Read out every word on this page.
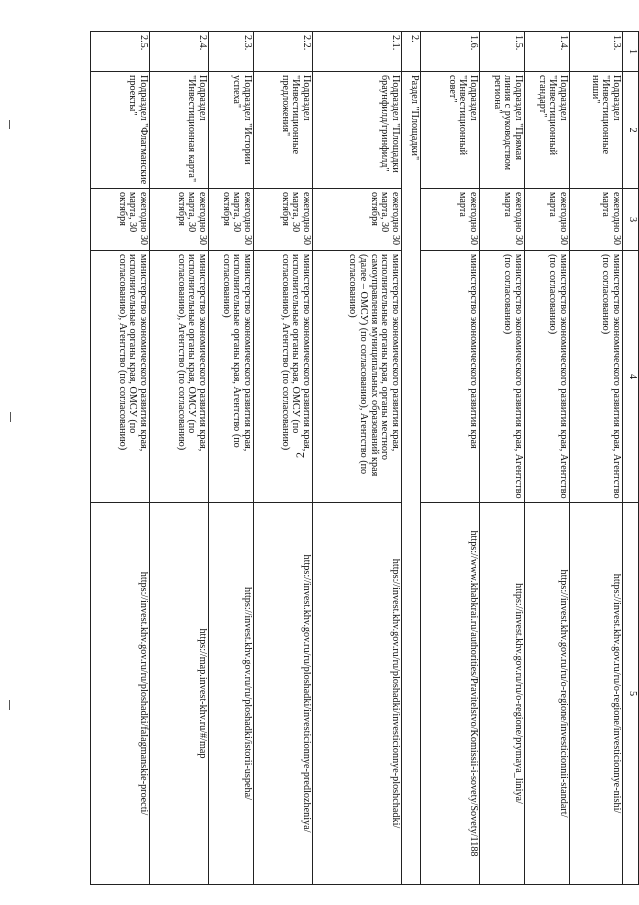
2
1	2	3	4	5
1.3.	Подраздел "Инвестиционные ниши"	ежегодно 30 марта	министерство экономического развития края, Агентство (по согласованию)	https://invest.khv.gov.ru/ru/o-regione/investicionnye-nishi/
1.4.	Подраздел "Инвестиционный стандарт"	ежегодно 30 марта	министерство экономического развития края, Агентство (по согласованию)	https://invest.khv.gov.ru/ru/o-regione/investicionnii-standart/
1.5.	Подраздел "Прямая линия с руководством региона"	ежегодно 30 марта	министерство экономического развития края, Агентство (по согласованию)	https://invest.khv.gov.ru/ru/o-regione/prymaya_liniya/
1.6.	Подраздел "Инвестиционный совет"	ежегодно 30 марта	министерство экономического развития края	https://www.khabkrai.ru/authorities/Pravitelstvo/Komissii-i-sovety/Sovety/1188
2.	Раздел "Площадки"			
2.1.	Подраздел "Площадки браунфилд/гринфилд"	ежегодно 30 марта, 30 октября	министерство экономического развития края, исполнительные органы края, органы местного самоуправления муниципальных образований края (далее – ОМСУ) (по согласованию), Агентство (по согласованию)	https://invest.khv.gov.ru/ru/ploshadki/investicionnye-ploshchadki/
2.2.	Подраздел "Инвестиционные предложения"	ежегодно 30 марта, 30 октября	министерство экономического развития края, исполнительные органы края, ОМСУ (по согласованию), Агентство (по согласованию)	https://invest.khv.gov.ru/ru/ploshadki/investicionnye-predlozheniya/
2.3.	Подраздел "Истории успеха"	ежегодно 30 марта, 30 октября	министерство экономического развития края, исполнительные органы края, Агентство (по согласованию)	https://invest.khv.gov.ru/ru/ploshadki/istorii-uspeha/
2.4.	Подраздел "Инвестиционная карта"	ежегодно 30 марта, 30 октября	министерство экономического развития края, исполнительные органы края, ОМСУ (по согласованию), Агентство (по согласованию)	https://map.invest-khv.ru/#/map
2.5.	Подраздел "Флагманские проекты"	ежегодно 30 марта, 30 октября	министерство экономического развития края, исполнительные органы края, ОМСУ (по согласованию), Агентство (по согласованию)	https://invest.khv.gov.ru/ru/ploshadki/falagmanskie-proecti/
